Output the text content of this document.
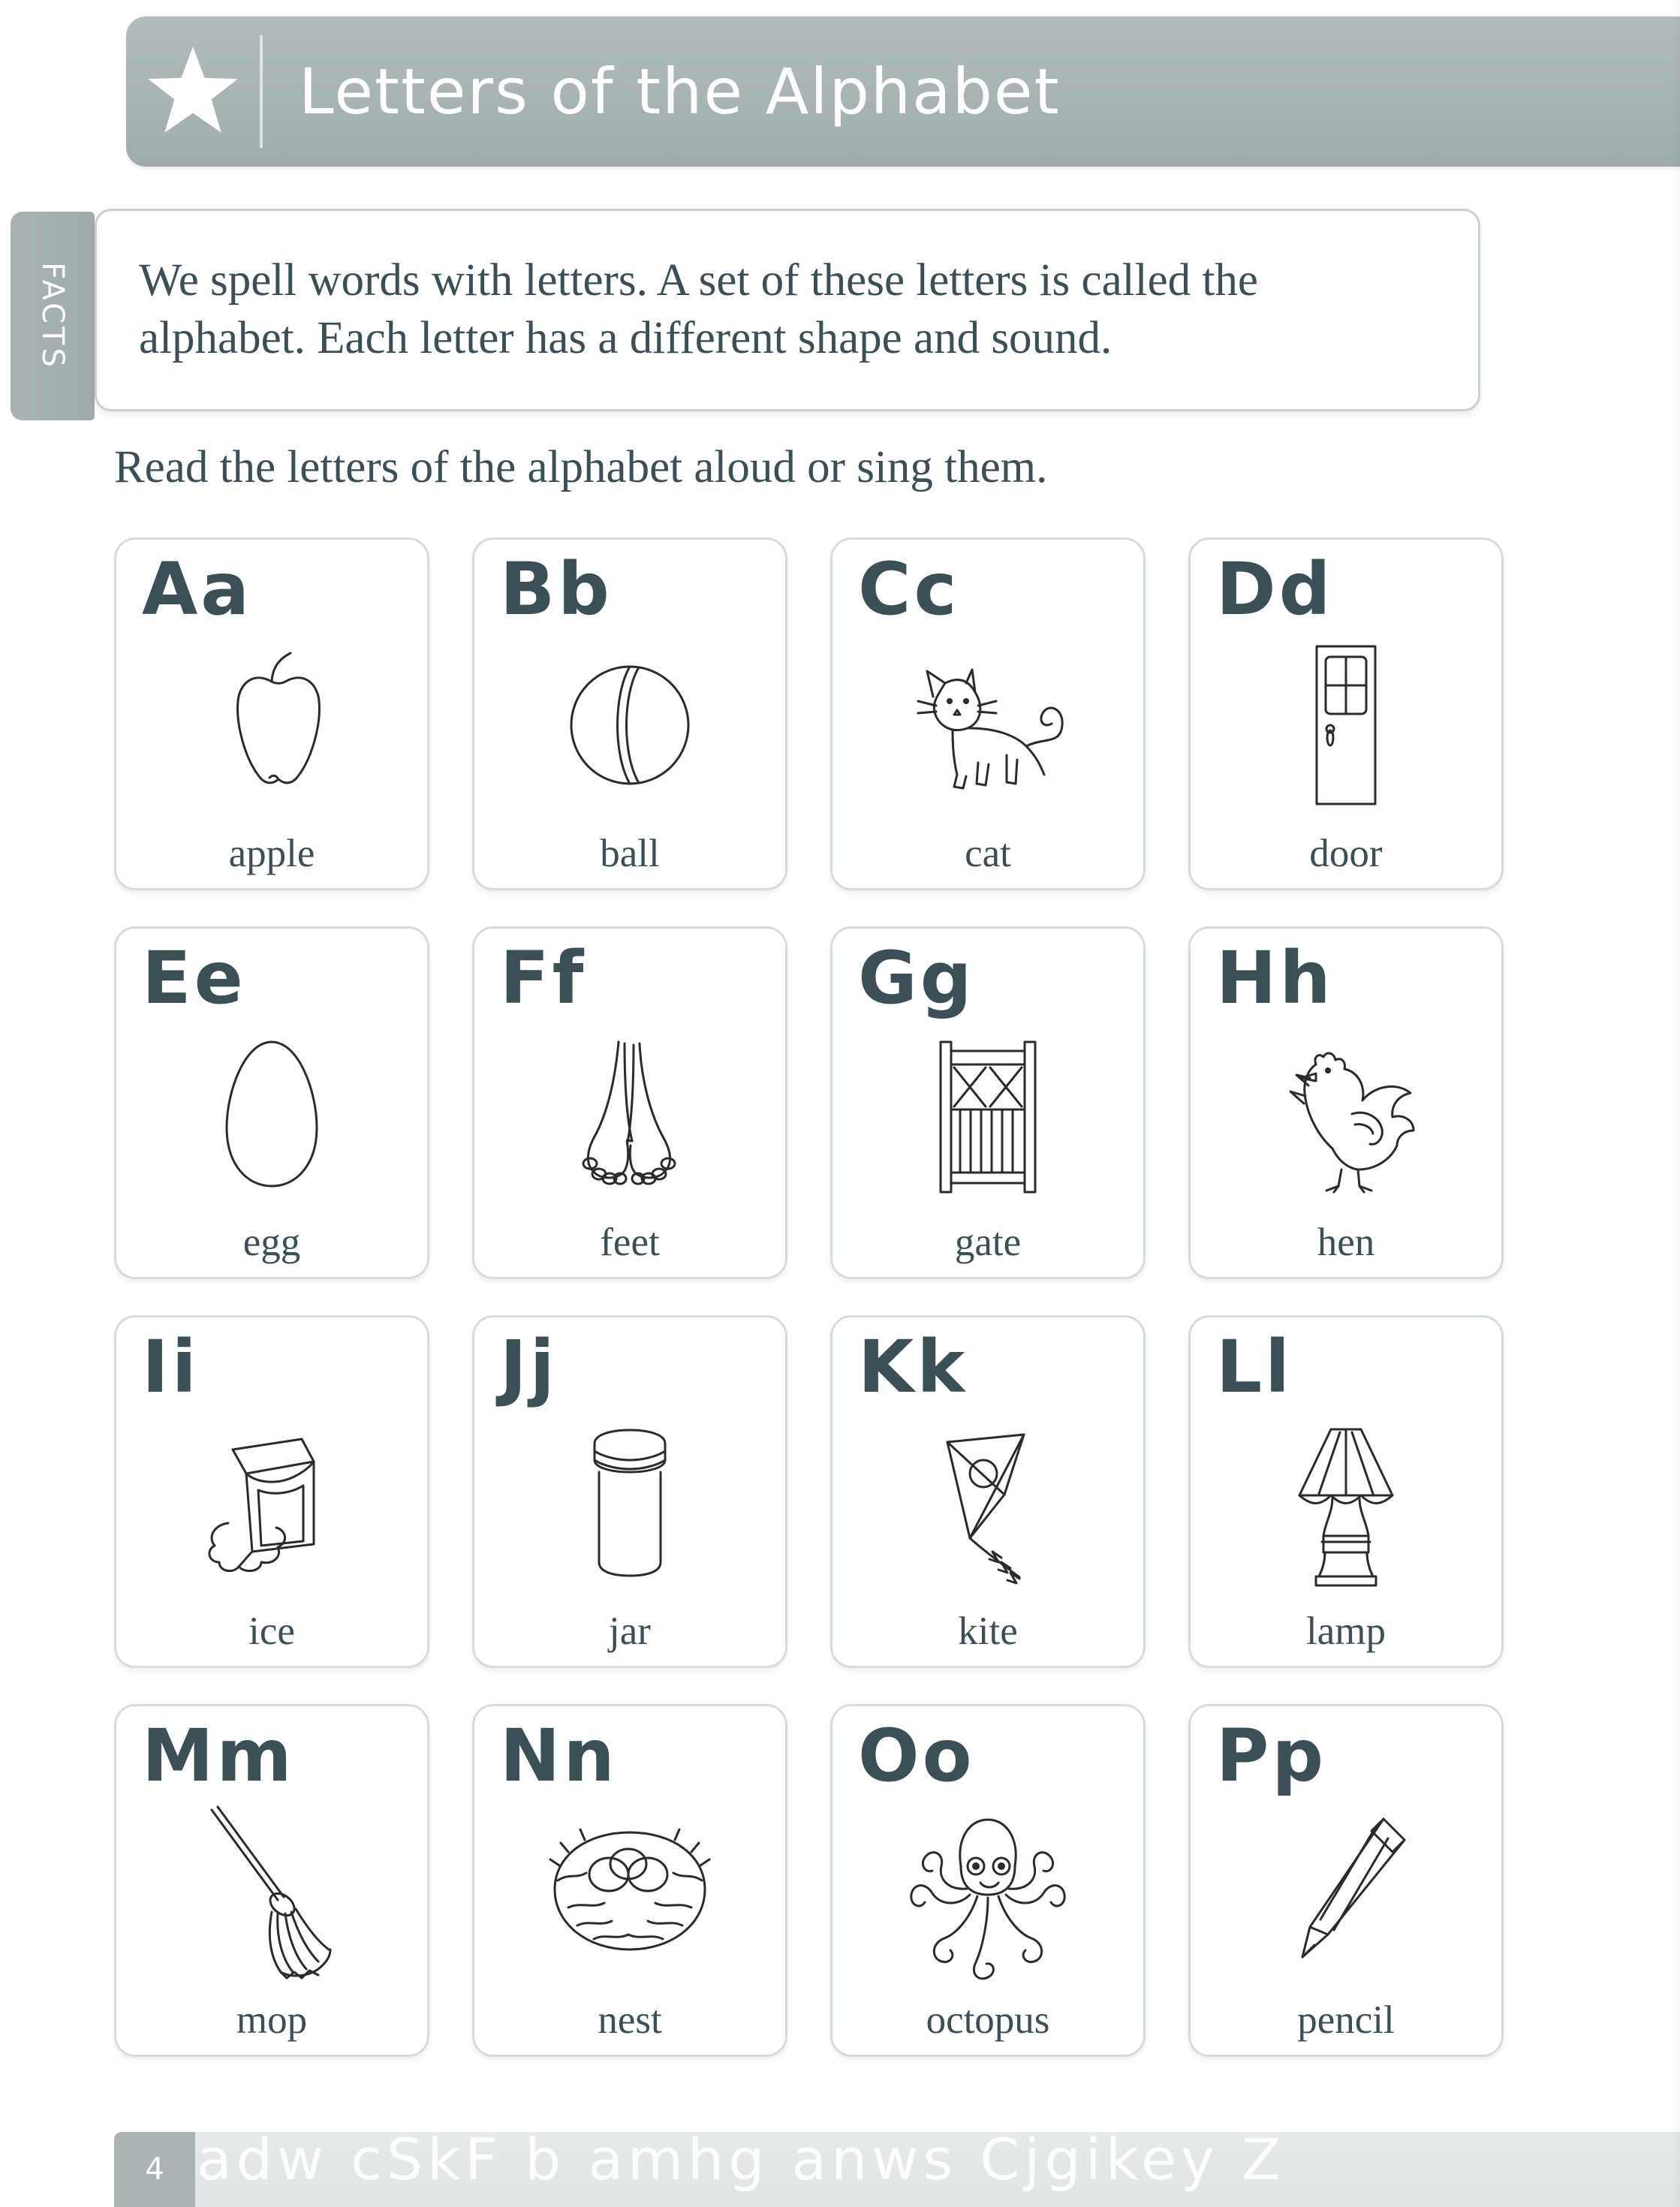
Letters of the Alphabet
FACTS	We spell words with letters. A set of these letters is called the alphabet. Each letter has a different shape and sound.

Read the letters of the alphabet aloud or sing them.
Aa
apple
Bb
ball
Cc
cat
Dd
door
Ee
egg
Ff
feet
Gg
gate
Hh
hen
Ii
ice
Jj
jar
Kk
kite
Ll
lamp
Mm
mop
Nn
nest
Oo
octopus
Pp
pencil
adw cSkF b amhg anws Cjgikey Z
4
